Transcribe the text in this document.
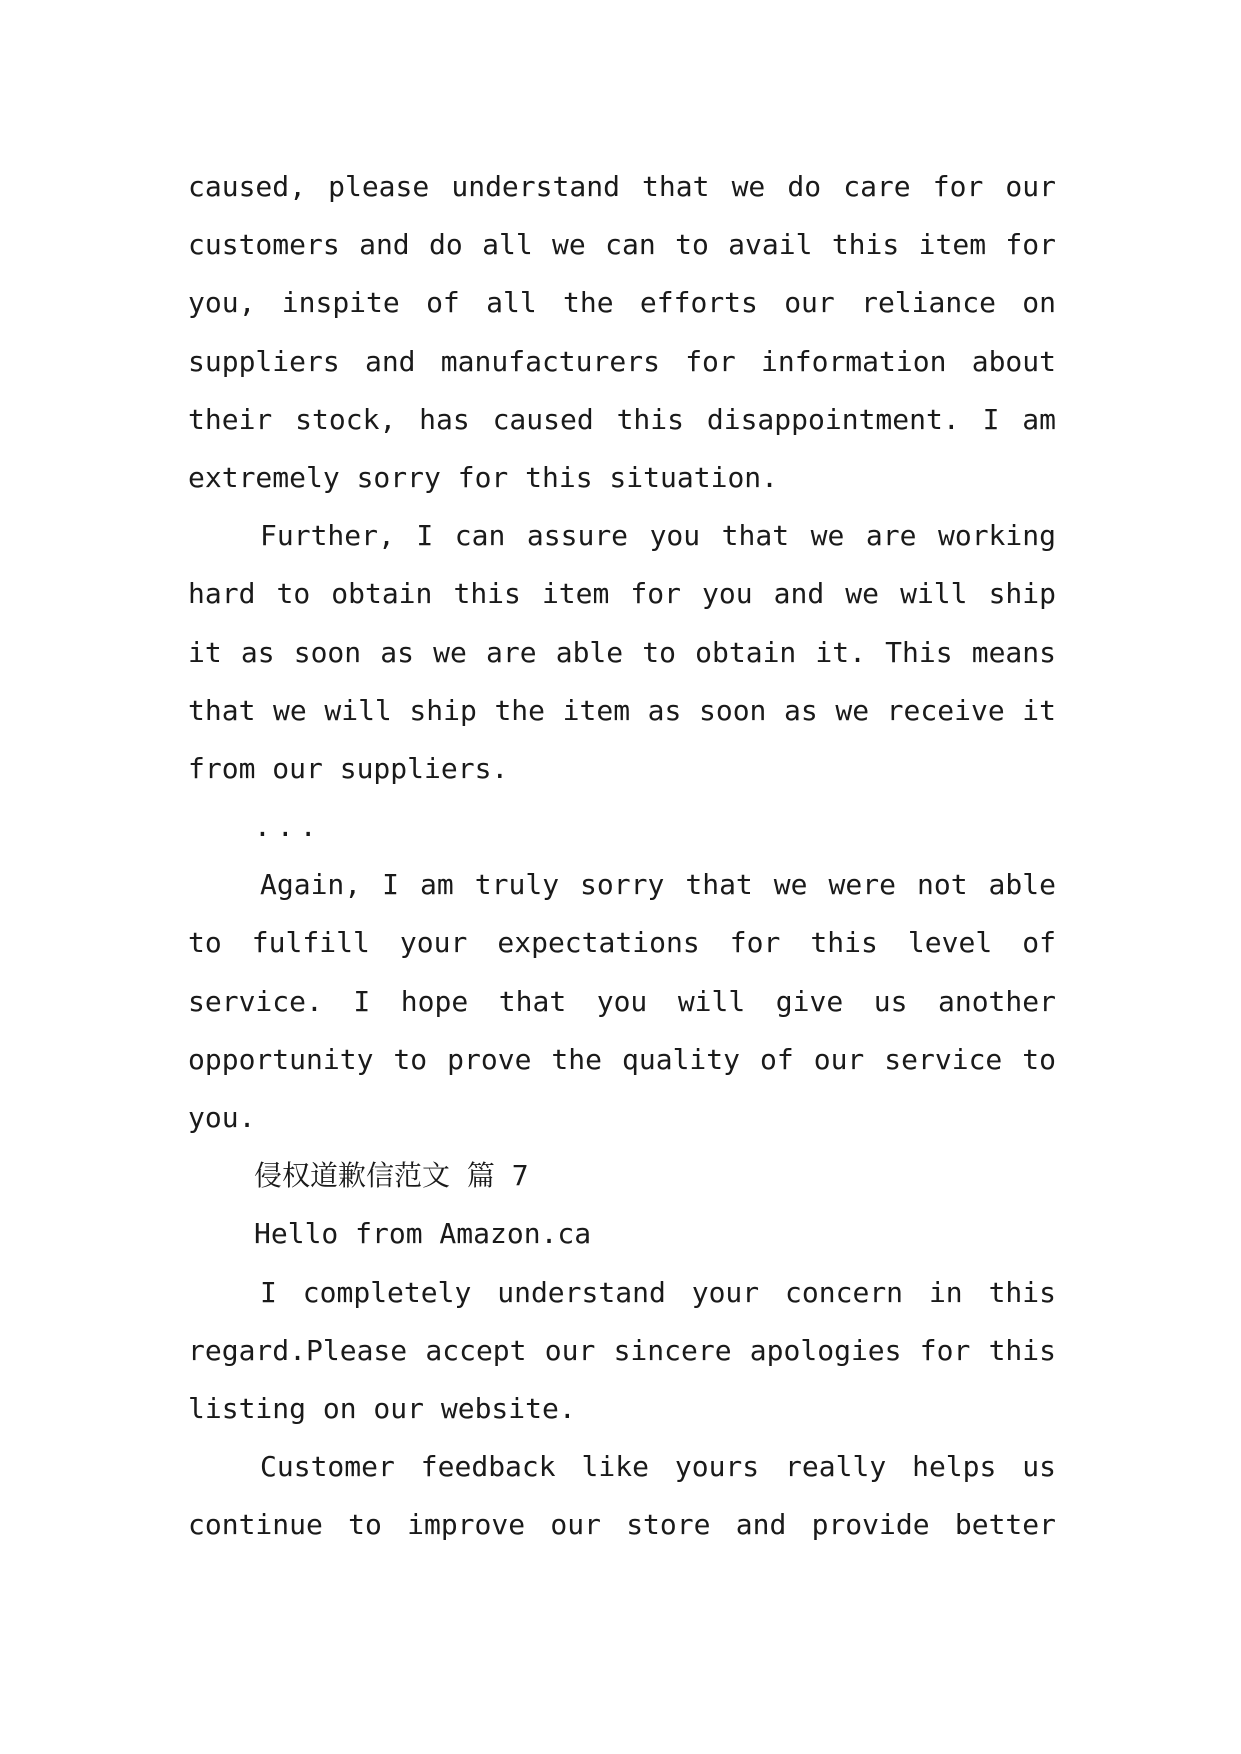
caused, please understand that we do care for our
customers and do all we can to avail this item for
you, inspite of all the efforts our reliance on
suppliers and manufacturers for information about
their stock, has caused this disappointment. I am
extremely sorry for this situation.
Further, I can assure you that we are working
hard to obtain this item for you and we will ship
it as soon as we are able to obtain it. This means
that we will ship the item as soon as we receive it
from our suppliers.
...
Again, I am truly sorry that we were not able
to fulfill your expectations for this level of
service. I hope that you will give us another
opportunity to prove the quality of our service to
you.
侵权道歉信范文 篇 7
Hello from Amazon.ca
I completely understand your concern in this
regard.Please accept our sincere apologies for this
listing on our website.
Customer feedback like yours really helps us
continue to improve our store and provide better
